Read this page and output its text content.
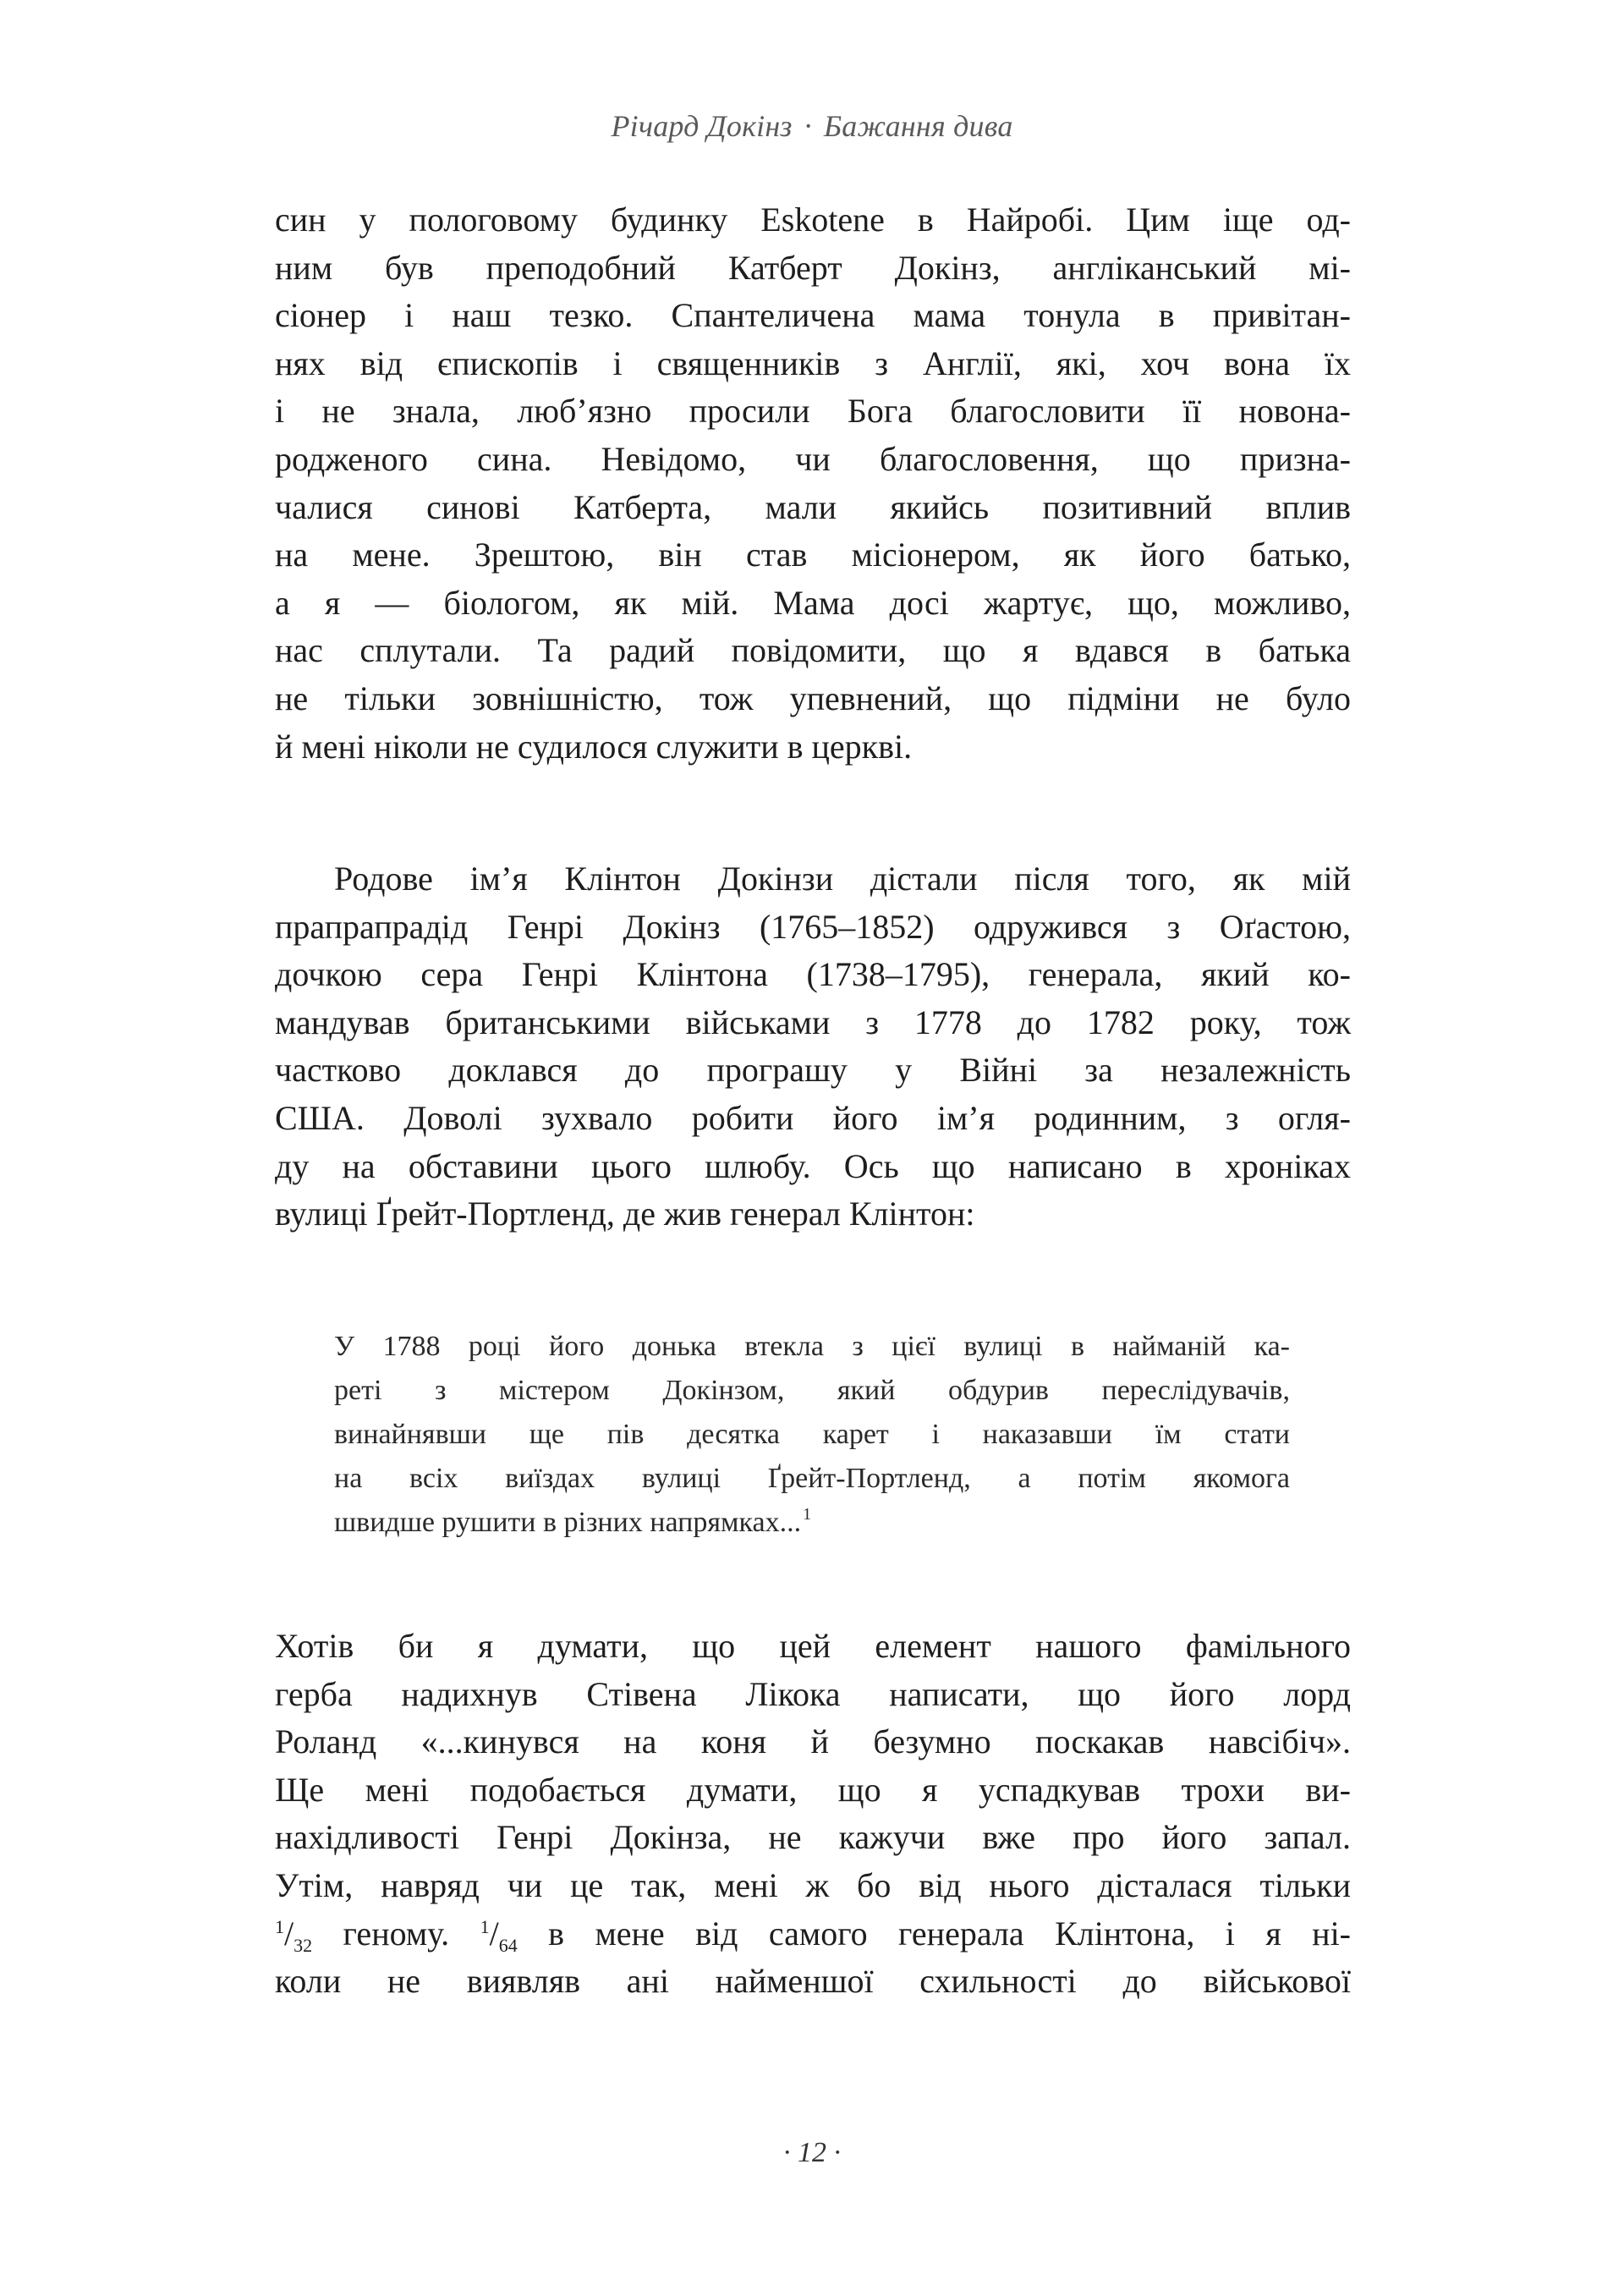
Річард Докінз · Бажання дива
син у пологовому будинку Eskotene в Найробі. Цим іще од-
ним був преподобний Катберт Докінз, англіканський мі-
сіонер і наш тезко. Спантеличена мама тонула в привітан-
нях від єпископів і священників з Англії, які, хоч вона їх
і не знала, люб’язно просили Бога благословити її новона-
родженого сина. Невідомо, чи благословення, що призна-
чалися синові Катберта, мали якийсь позитивний вплив
на мене. Зрештою, він став місіонером, як його батько,
а я — біологом, як мій. Мама досі жартує, що, можливо,
нас сплутали. Та радий повідомити, що я вдався в батька
не тільки зовнішністю, тож упевнений, що підміни не було
й мені ніколи не судилося служити в церкві.
Родове ім’я Клінтон Докінзи дістали після того, як мій
прапрапрадід Генрі Докінз (1765–1852) одружився з Оґастою,
дочкою сера Генрі Клінтона (1738–1795), генерала, який ко-
мандував британськими військами з 1778 до 1782 року, тож
частково доклався до програшу у Війні за незалежність
США. Доволі зухвало робити його ім’я родинним, з огля-
ду на обставини цього шлюбу. Ось що написано в хроніках
вулиці Ґрейт-Портленд, де жив генерал Клінтон:
У 1788 році його донька втекла з цієї вулиці в найманій ка-
реті з містером Докінзом, який обдурив переслідувачів,
винайнявши ще пів десятка карет і наказавши їм стати
на всіх виїздах вулиці Ґрейт-Портленд, а потім якомога
швидше рушити в різних напрямках... $^1$
Хотів би я думати, що цей елемент нашого фамільного
герба надихнув Стівена Лікока написати, що його лорд
Роланд «...кинувся на коня й безумно поскакав навсібіч».
Ще мені подобається думати, що я успадкував трохи ви-
нахідливості Генрі Докінза, не кажучи вже про його запал.
Утім, навряд чи це так, мені ж бо від нього дісталася тільки
$^1/_{32}$ геному. $^1/_{64}$ в мене від самого генерала Клінтона, і я ні-
коли не виявляв ані найменшої схильності до військової
· 12 ·
